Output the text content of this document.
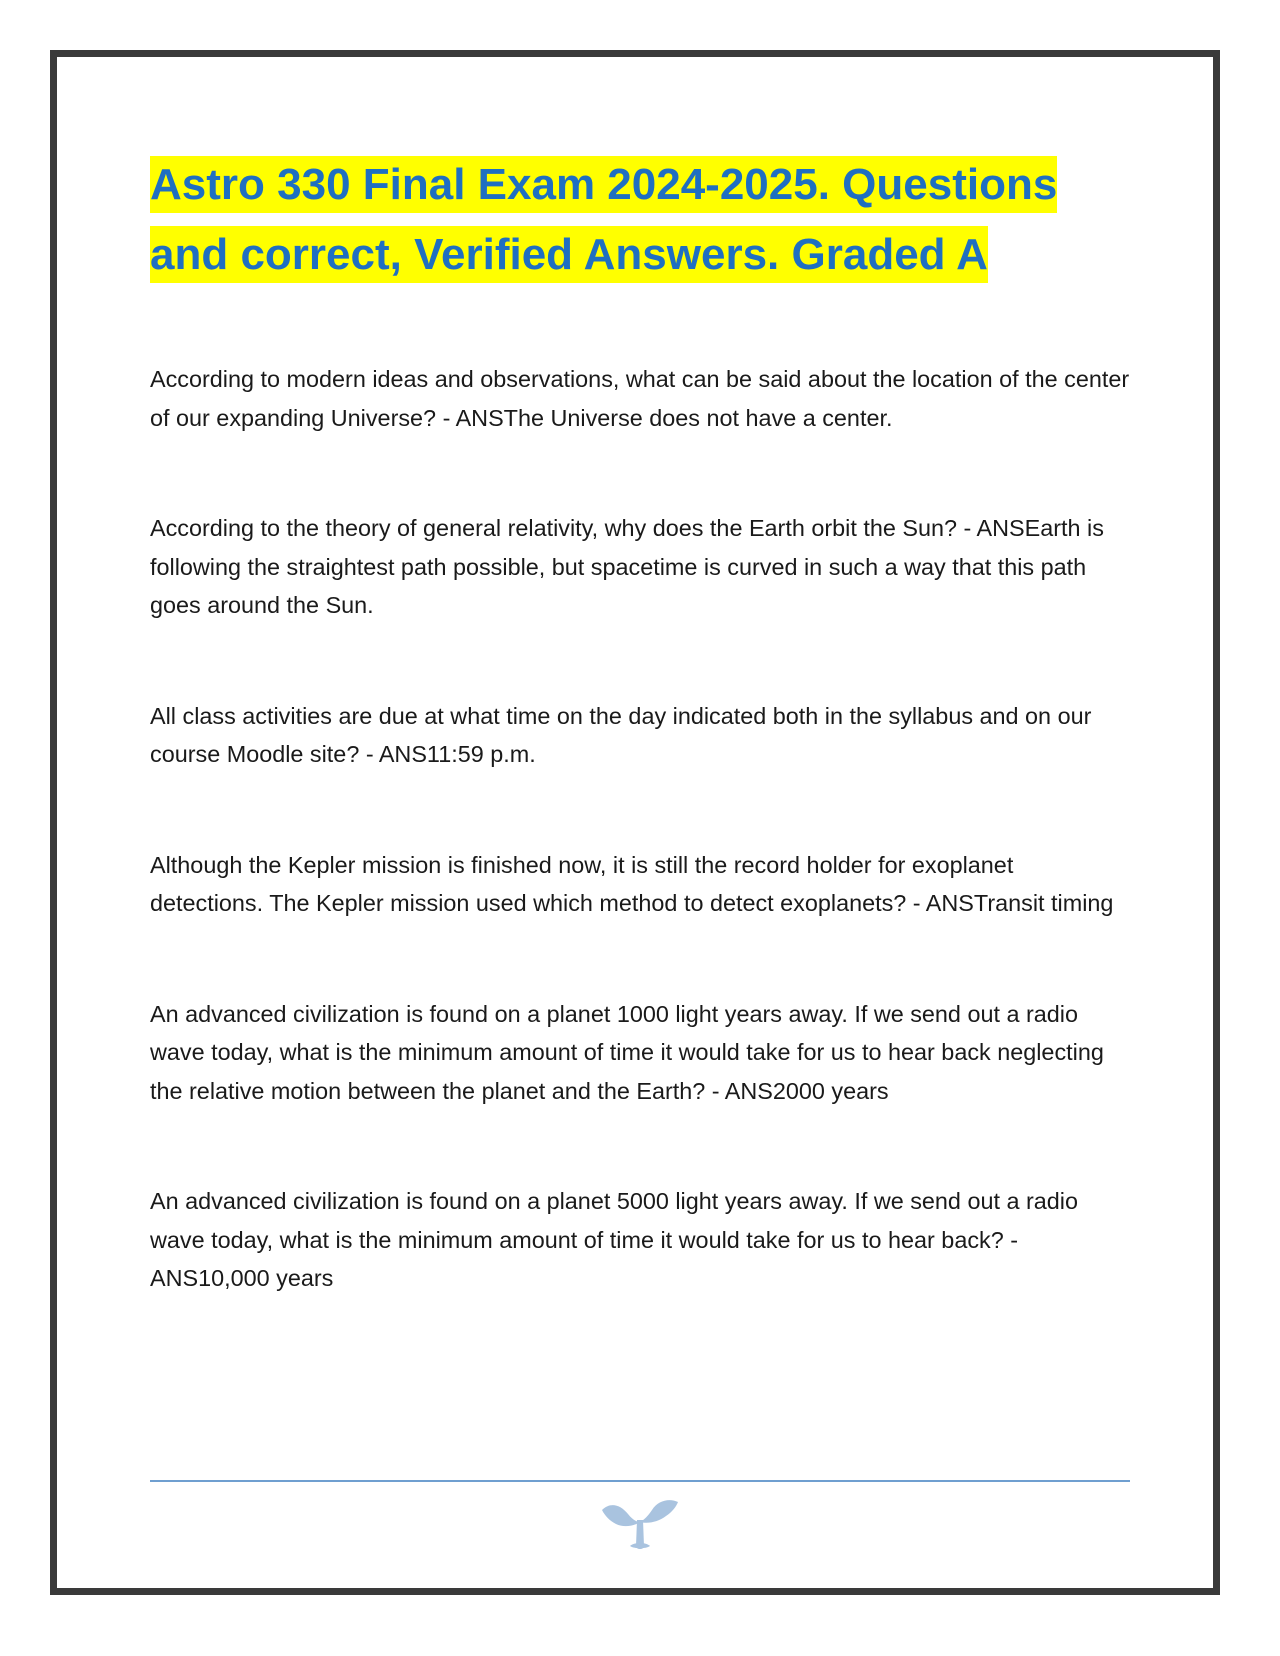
Astro 330 Final Exam 2024-2025. Questions and correct, Verified Answers. Graded A

According to modern ideas and observations, what can be said about the location of the center of our expanding Universe? - ANSThe Universe does not have a center.

According to the theory of general relativity, why does the Earth orbit the Sun? - ANSEarth is following the straightest path possible, but spacetime is curved in such a way that this path goes around the Sun.

All class activities are due at what time on the day indicated both in the syllabus and on our course Moodle site? - ANS11:59 p.m.

Although the Kepler mission is finished now, it is still the record holder for exoplanet detections. The Kepler mission used which method to detect exoplanets? - ANSTransit timing

An advanced civilization is found on a planet 1000 light years away. If we send out a radio wave today, what is the minimum amount of time it would take for us to hear back neglecting the relative motion between the planet and the Earth? - ANS2000 years

An advanced civilization is found on a planet 5000 light years away. If we send out a radio wave today, what is the minimum amount of time it would take for us to hear back? - ANS10,000 years
